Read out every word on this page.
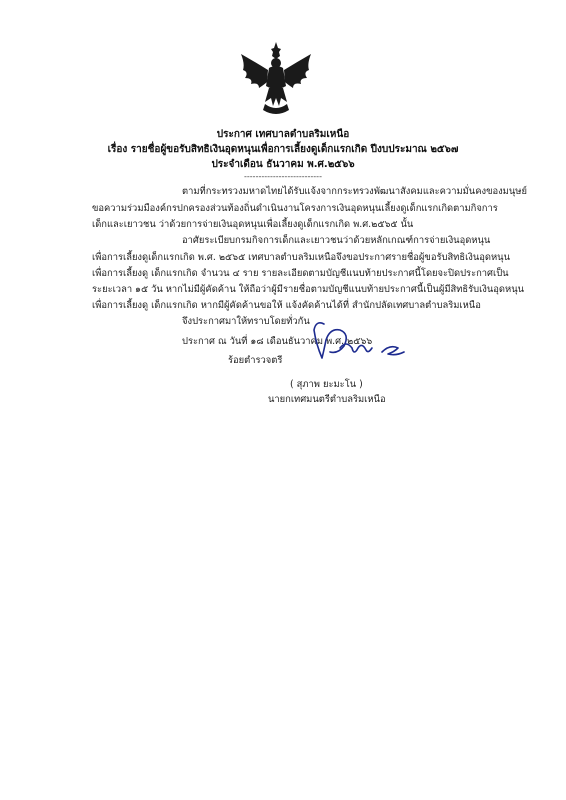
ประกาศ เทศบาลตำบลริมเหนือ
เรื่อง รายชื่อผู้ขอรับสิทธิเงินอุดหนุนเพื่อการเลี้ยงดูเด็กแรกเกิด ปีงบประมาณ ๒๕๖๗
ประจำเดือน ธันวาคม พ.ศ.๒๕๖๖
---------------------------
ตามที่กระทรวงมหาดไทยได้รับแจ้งจากกระทรวงพัฒนาสังคมและความมั่นคงของมนุษย์
ขอความร่วมมืองค์กรปกครองส่วนท้องถิ่นดำเนินงานโครงการเงินอุดหนุนเลี้ยงดูเด็กแรกเกิดตามกิจการ
เด็กและเยาวชน ว่าด้วยการจ่ายเงินอุดหนุนเพื่อเลี้ยงดูเด็กแรกเกิด พ.ศ.๒๕๖๕ นั้น
อาศัยระเบียบกรมกิจการเด็กและเยาวชนว่าด้วยหลักเกณฑ์การจ่ายเงินอุดหนุน
เพื่อการเลี้ยงดูเด็กแรกเกิด พ.ศ. ๒๕๖๕ เทศบาลตำบลริมเหนือจึงขอประกาศรายชื่อผู้ขอรับสิทธิเงินอุดหนุน
เพื่อการเลี้ยงดู เด็กแรกเกิด จำนวน ๔ ราย รายละเอียดตามบัญชีแนบท้ายประกาศนี้โดยจะปิดประกาศเป็น
ระยะเวลา ๑๕ วัน หากไม่มีผู้คัดค้าน ให้ถือว่าผู้มีรายชื่อตามบัญชีแนบท้ายประกาศนี้เป็นผู้มีสิทธิรับเงินอุดหนุน
เพื่อการเลี้ยงดู เด็กแรกเกิด หากมีผู้คัดค้านขอให้ แจ้งคัดค้านได้ที่ สำนักปลัดเทศบาลตำบลริมเหนือ
จึงประกาศมาให้ทราบโดยทั่วกัน
ประกาศ ณ วันที่ ๑๘ เดือนธันวาคม พ.ศ. ๒๕๖๖
ร้อยตำรวจตรี
( สุภาพ ยะมะโน )
นายกเทศมนตรีตำบลริมเหนือ
